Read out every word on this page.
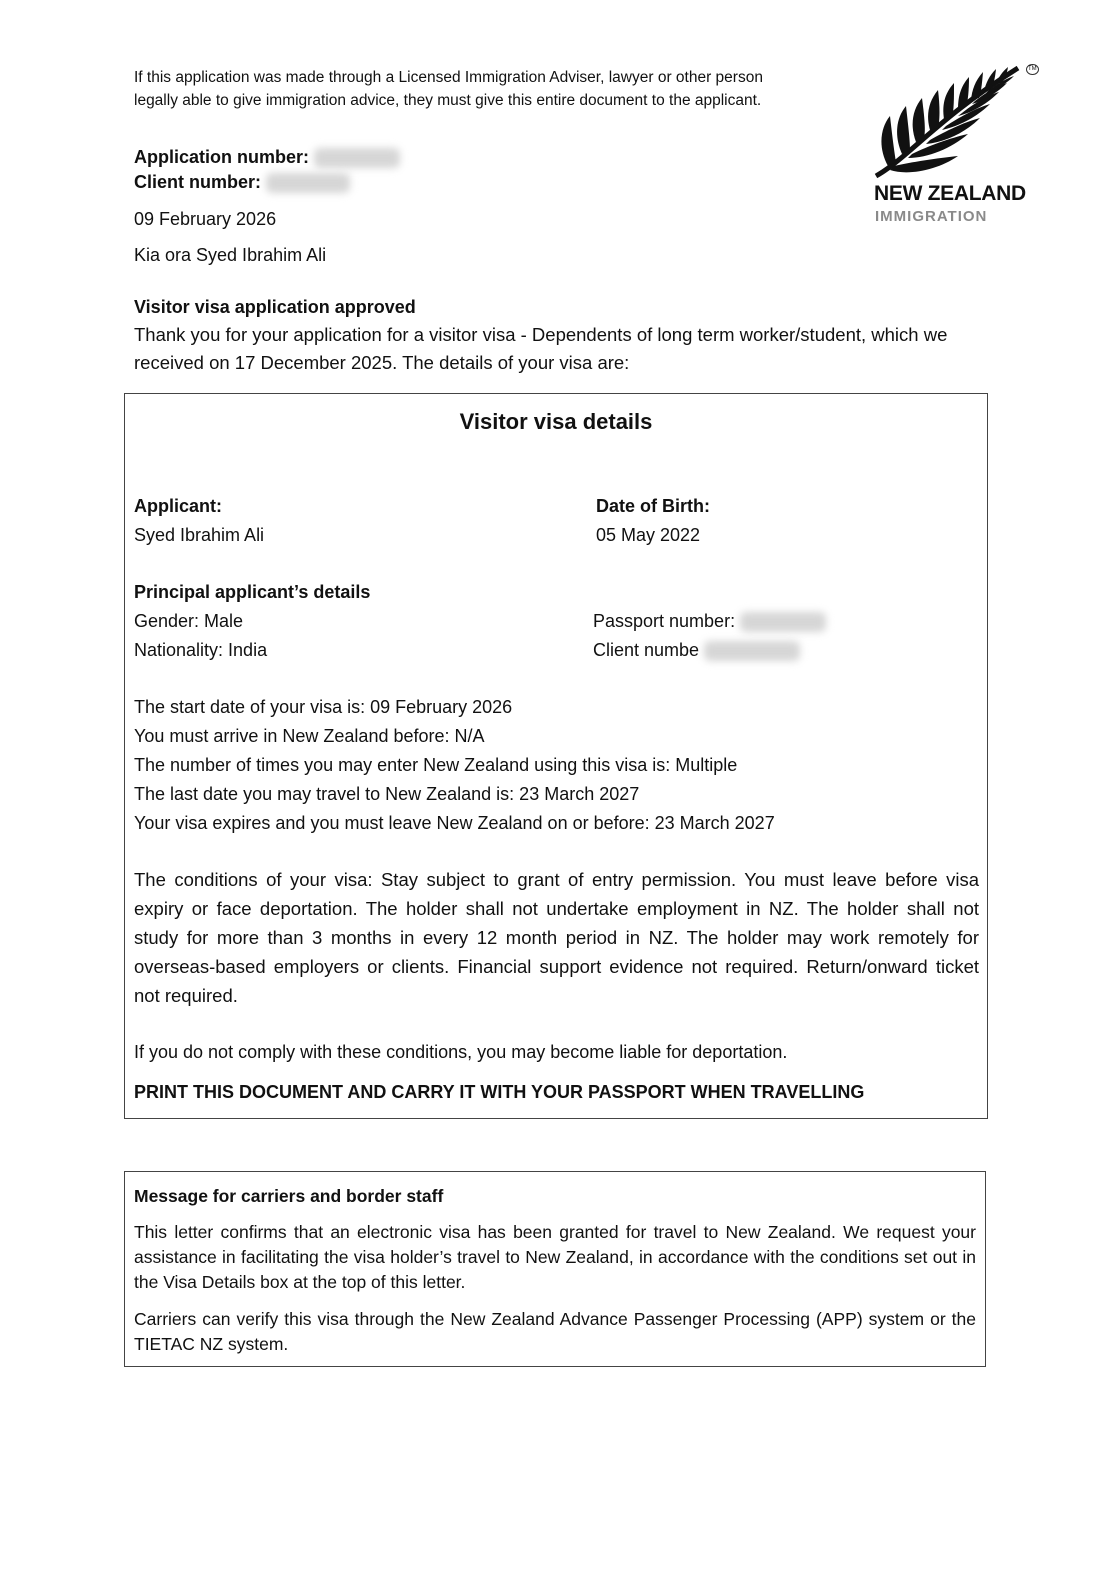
If this application was made through a Licensed Immigration Adviser, lawyer or other person

legally able to give immigration advice, they must give this entire document to the applicant.

TM
NEW ZEALAND
IMMIGRATION
Application number:
Client number:
09 February 2026
Kia ora Syed Ibrahim Ali
Visitor visa application approved
Thank you for your application for a visitor visa - Dependents of long term worker/student, which we
received on 17 December 2025. The details of your visa are:
Visitor visa details
Applicant:
Syed Ibrahim Ali
Date of Birth:
05 May 2022
Principal applicant’s details
Gender: Male
Nationality: India
Passport number:
Client numbe
The start date of your visa is: 09 February 2026
You must arrive in New Zealand before: N/A
The number of times you may enter New Zealand using this visa is: Multiple
The last date you may travel to New Zealand is: 23 March 2027
Your visa expires and you must leave New Zealand on or before: 23 March 2027
The conditions of your visa: Stay subject to grant of entry permission. You must leave before visa expiry or face deportation. The holder shall not undertake employment in NZ. The holder shall not study for more than 3 months in every 12 month period in NZ. The holder may work remotely for overseas-based employers or clients. Financial support evidence not required. Return/onward ticket not required.
If you do not comply with these conditions, you may become liable for deportation.
PRINT THIS DOCUMENT AND CARRY IT WITH YOUR PASSPORT WHEN TRAVELLING
Message for carriers and border staff
This letter confirms that an electronic visa has been granted for travel to New Zealand. We request your assistance in facilitating the visa holder’s travel to New Zealand, in accordance with the conditions set out in the Visa Details box at the top of this letter.
Carriers can verify this visa through the New Zealand Advance Passenger Processing (APP) system or the TIETAC NZ system.
